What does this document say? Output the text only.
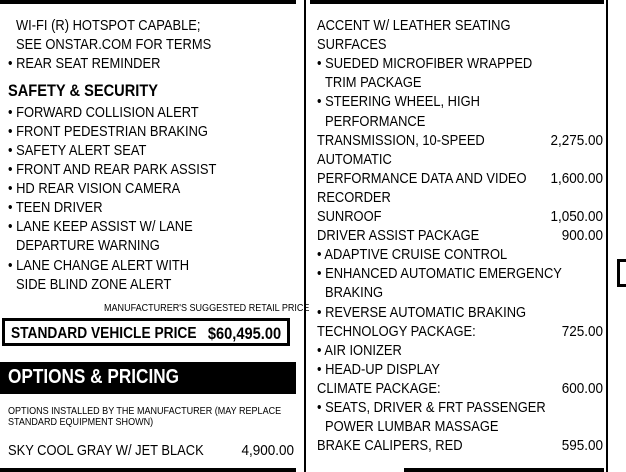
WI-FI (R) HOTSPOT CAPABLE;
SEE ONSTAR.COM FOR TERMS
• REAR SEAT REMINDER
SAFETY & SECURITY
• FORWARD COLLISION ALERT
• FRONT PEDESTRIAN BRAKING
• SAFETY ALERT SEAT
• FRONT AND REAR PARK ASSIST
• HD REAR VISION CAMERA
• TEEN DRIVER
• LANE KEEP ASSIST W/ LANE
DEPARTURE WARNING
• LANE CHANGE ALERT WITH
SIDE BLIND ZONE ALERT
MANUFACTURER'S SUGGESTED RETAIL PRICE
STANDARD VEHICLE PRICE $60,495.00
OPTIONS & PRICING
OPTIONS INSTALLED BY THE MANUFACTURER (MAY REPLACE
STANDARD EQUIPMENT SHOWN)
SKY COOL GRAY W/ JET BLACK	4,900.00
ACCENT W/ LEATHER SEATING
SURFACES
• SUEDED MICROFIBER WRAPPED
TRIM PACKAGE
• STEERING WHEEL, HIGH
PERFORMANCE
TRANSMISSION, 10-SPEED	2,275.00
AUTOMATIC
PERFORMANCE DATA AND VIDEO	1,600.00
RECORDER
SUNROOF	1,050.00
DRIVER ASSIST PACKAGE	900.00
• ADAPTIVE CRUISE CONTROL
• ENHANCED AUTOMATIC EMERGENCY
BRAKING
• REVERSE AUTOMATIC BRAKING
TECHNOLOGY PACKAGE:	725.00
• AIR IONIZER
• HEAD-UP DISPLAY
CLIMATE PACKAGE:	600.00
• SEATS, DRIVER & FRT PASSENGER
POWER LUMBAR MASSAGE
BRAKE CALIPERS, RED	595.00
